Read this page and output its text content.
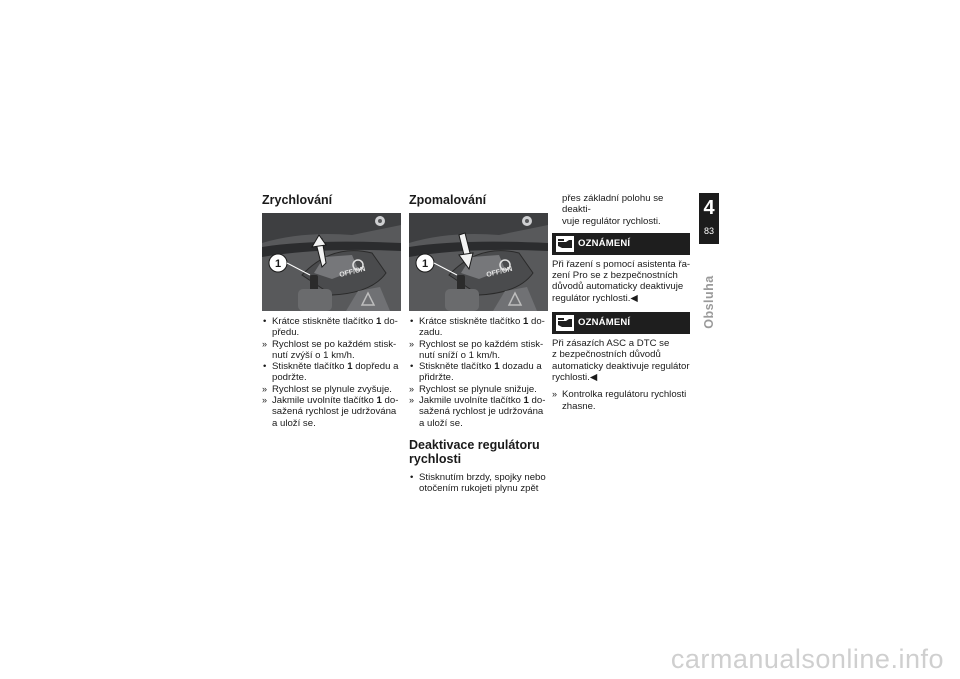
Zrychlování
OFF/ON
1
• Krátce stiskněte tlačítko 1 do-
předu.
» Rychlost se po každém stisk-
nutí zvýší o 1 km/h.
• Stiskněte tlačítko 1 dopředu a
podržte.
» Rychlost se plynule zvyšuje.
» Jakmile uvolníte tlačítko 1 do-
sažená rychlost je udržována
a uloží se.
Zpomalování
OFF/ON
1
• Krátce stiskněte tlačítko 1 do-
zadu.
» Rychlost se po každém stisk-
nutí sníží o 1 km/h.
• Stiskněte tlačítko 1 dozadu a
přidržte.
» Rychlost se plynule snižuje.
» Jakmile uvolníte tlačítko 1 do-
sažená rychlost je udržována
a uloží se.
Deaktivace regulátoru
rychlosti
• Stisknutím brzdy, spojky nebo
otočením rukojeti plynu zpět
přes základní polohu se deakti-
vuje regulátor rychlosti.
OZNÁMENÍ

Při řazení s pomocí asistenta řa-
zení Pro se z bezpečnostních
důvodů automaticky deaktivuje
regulátor rychlosti.◀

OZNÁMENÍ

Při zásazích ASC a DTC se
z bezpečnostních důvodů
automaticky deaktivuje regulátor
rychlosti.◀

» Kontrolka regulátoru rychlosti
zhasne.
4
83
Obsluha
carmanualsonline.info
